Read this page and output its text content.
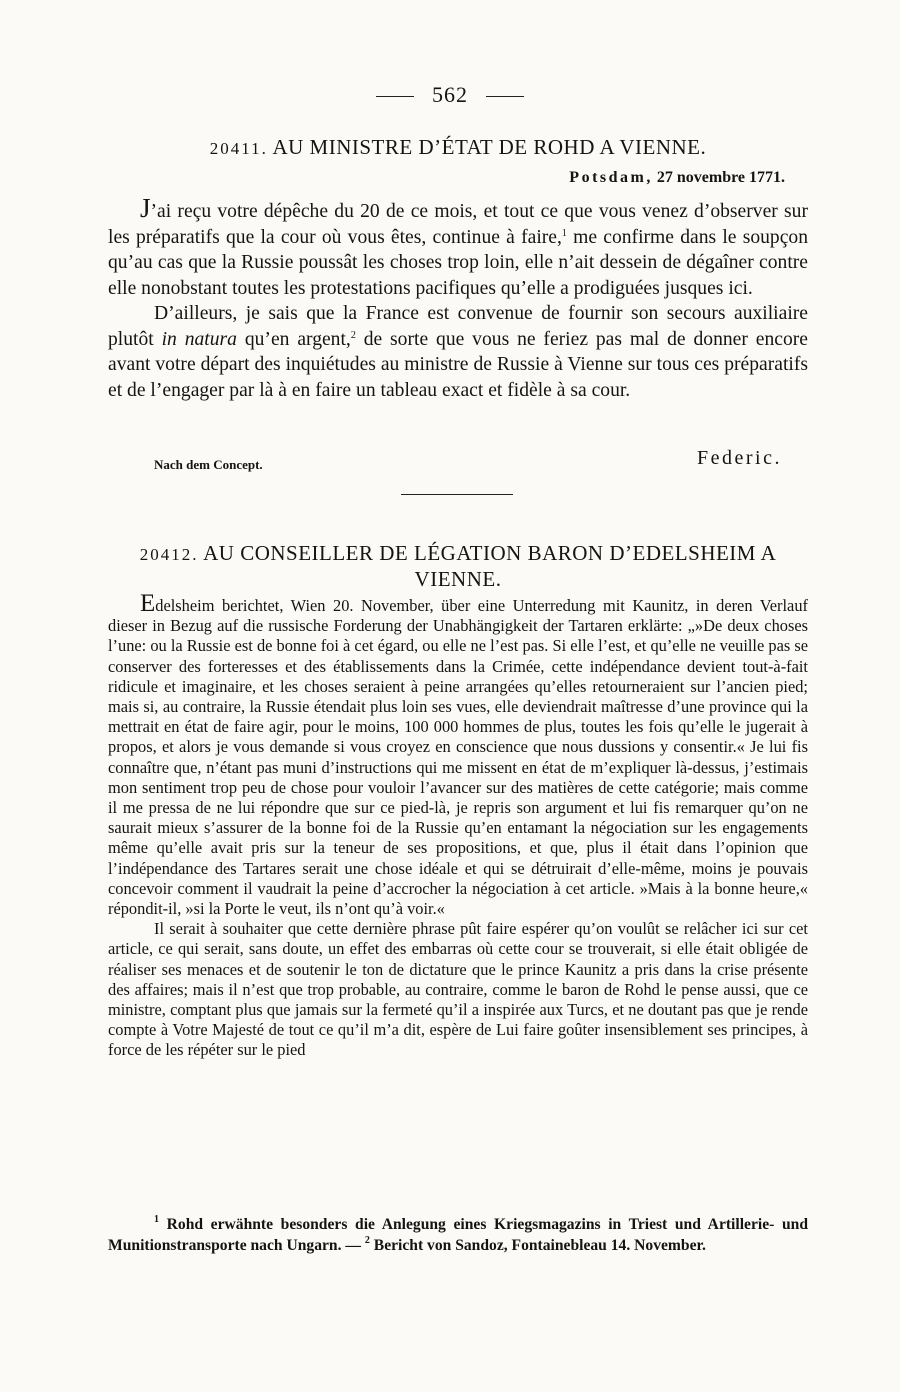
562
20411. AU MINISTRE D’ÉTAT DE ROHD A VIENNE.
Potsdam, 27 novembre 1771.

J’ai reçu votre dépêche du 20 de ce mois, et tout ce que vous venez d’observer sur les préparatifs que la cour où vous êtes, continue à faire,$^1$ me confirme dans le soupçon qu’au cas que la Russie poussât les choses trop loin, elle n’ait dessein de dégaîner contre elle nonobstant toutes les protestations pacifiques qu’elle a prodiguées jusques ici.

D’ailleurs, je sais que la France est convenue de fournir son secours auxiliaire plutôt in natura qu’en argent,$^2$ de sorte que vous ne feriez pas mal de donner encore avant votre départ des inquiétudes au ministre de Russie à Vienne sur tous ces préparatifs et de l’engager par là à en faire un tableau exact et fidèle à sa cour.

Nach dem Concept.	Federic.
20412. AU CONSEILLER DE LÉGATION BARON D’EDELSHEIM A VIENNE.

Edelsheim berichtet, Wien 20. November, über eine Unterredung mit Kaunitz, in deren Verlauf dieser in Bezug auf die russische Forderung der Unabhängigkeit der Tartaren erklärte: „»De deux choses l’une: ou la Russie est de bonne foi à cet égard, ou elle ne l’est pas. Si elle l’est, et qu’elle ne veuille pas se conserver des forteresses et des établissements dans la Crimée, cette indépendance devient tout-à-fait ridicule et imaginaire, et les choses seraient à peine arrangées qu’elles retourneraient sur l’ancien pied; mais si, au contraire, la Russie étendait plus loin ses vues, elle deviendrait maîtresse d’une province qui la mettrait en état de faire agir, pour le moins, 100 000 hommes de plus, toutes les fois qu’elle le jugerait à propos, et alors je vous demande si vous croyez en conscience que nous dussions y consentir.« Je lui fis connaître que, n’étant pas muni d’instructions qui me missent en état de m’expliquer là-dessus, j’estimais mon sentiment trop peu de chose pour vouloir l’avancer sur des matières de cette catégorie; mais comme il me pressa de ne lui répondre que sur ce pied-là, je repris son argument et lui fis remarquer qu’on ne saurait mieux s’assurer de la bonne foi de la Russie qu’en entamant la négociation sur les engagements même qu’elle avait pris sur la teneur de ses propositions, et que, plus il était dans l’opinion que l’indépendance des Tartares serait une chose idéale et qui se détruirait d’elle-même, moins je pouvais concevoir comment il vaudrait la peine d’accrocher la négociation à cet article. »Mais à la bonne heure,« répondit-il, »si la Porte le veut, ils n’ont qu’à voir.«

Il serait à souhaiter que cette dernière phrase pût faire espérer qu’on voulût se relâcher ici sur cet article, ce qui serait, sans doute, un effet des embarras où cette cour se trouverait, si elle était obligée de réaliser ses menaces et de soutenir le ton de dictature que le prince Kaunitz a pris dans la crise présente des affaires; mais il n’est que trop probable, au contraire, comme le baron de Rohd le pense aussi, que ce ministre, comptant plus que jamais sur la fermeté qu’il a inspirée aux Turcs, et ne doutant pas que je rende compte à Votre Majesté de tout ce qu’il m’a dit, espère de Lui faire goûter insensiblement ses principes, à force de les répéter sur le pied

$^1$ Rohd erwähnte besonders die Anlegung eines Kriegsmagazins in Triest und Artillerie- und Munitionstransporte nach Ungarn. — $^2$ Bericht von Sandoz, Fontainebleau 14. November.
